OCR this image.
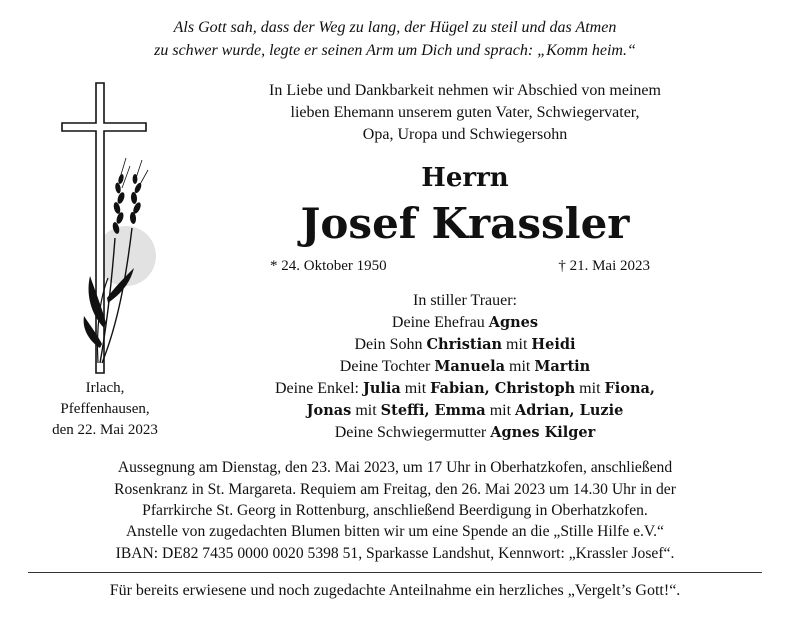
Als Gott sah, dass der Weg zu lang, der Hügel zu steil und das Atmen
zu schwer wurde, legte er seinen Arm um Dich und sprach: „Komm heim.“
In Liebe und Dankbarkeit nehmen wir Abschied von meinem
lieben Ehemann unserem guten Vater, Schwiegervater,
Opa, Uropa und Schwiegersohn
Herrn
Josef Krassler
* 24. Oktober 1950	† 21. Mai 2023
In stiller Trauer:
Deine Ehefrau Agnes
Dein Sohn Christian mit Heidi
Deine Tochter Manuela mit Martin
Deine Enkel: Julia mit Fabian, Christoph mit Fiona,
Jonas mit Steffi, Emma mit Adrian, Luzie
Deine Schwiegermutter Agnes Kilger
Irlach,
Pfeffenhausen,
den 22. Mai 2023
Aussegnung am Dienstag, den 23. Mai 2023, um 17 Uhr in Oberhatzkofen, anschließend
Rosenkranz in St. Margareta. Requiem am Freitag, den 26. Mai 2023 um 14.30 Uhr in der
Pfarrkirche St. Georg in Rottenburg, anschließend Beerdigung in Oberhatzkofen.
Anstelle von zugedachten Blumen bitten wir um eine Spende an die „Stille Hilfe e.V.“
IBAN: DE82 7435 0000 0020 5398 51, Sparkasse Landshut, Kennwort: „Krassler Josef“.
Für bereits erwiesene und noch zugedachte Anteilnahme ein herzliches „Vergelt’s Gott!“.
